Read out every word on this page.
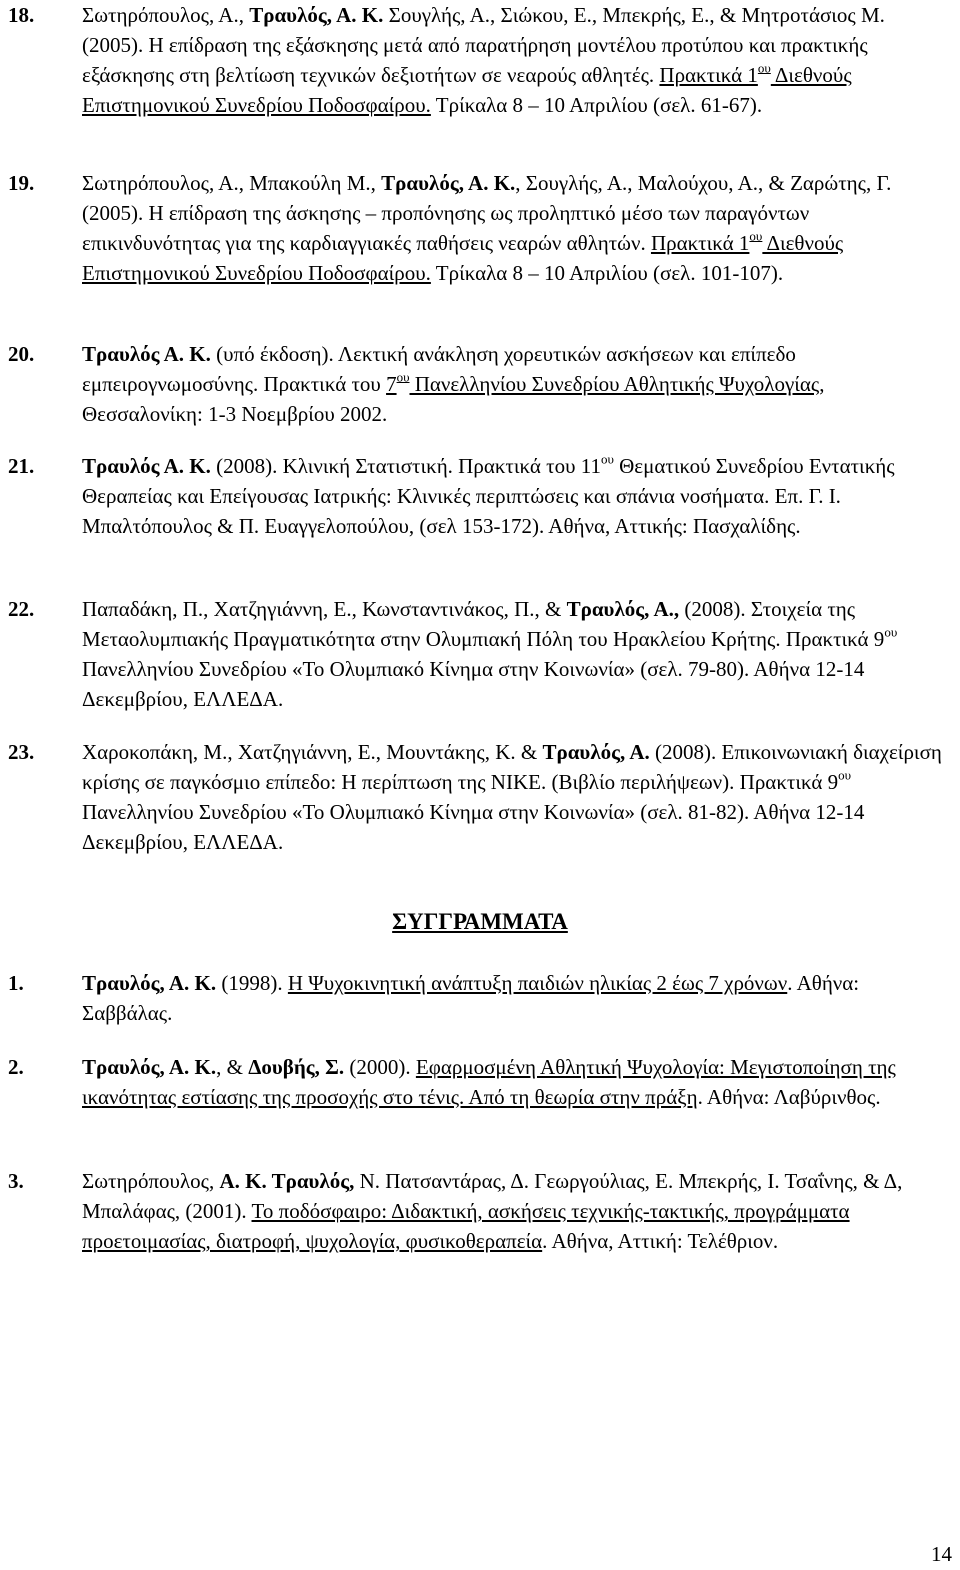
18. Σωτηρόπουλος, Α., Τραυλός, Α. Κ. Σουγλής, Α., Σιώκου, Ε., Μπεκρής, Ε., & Μητροτάσιος Μ. (2005). Η επίδραση της εξάσκησης μετά από παρατήρηση μοντέλου προτύπου και πρακτικής εξάσκησης στη βελτίωση τεχνικών δεξιοτήτων σε νεαρούς αθλητές. Πρακτικά $1^{o\upsilon}$ Διεθνούς Επιστημονικού Συνεδρίου Ποδοσφαίρου. Τρίκαλα 8 – 10 Απριλίου (σελ. 61-67).
19. Σωτηρόπουλος, Α., Μπακούλη Μ., Τραυλός, Α. Κ., Σουγλής, Α., Μαλούχου, Α., & Ζαρώτης, Γ. (2005). Η επίδραση της άσκησης – προπόνησης ως προληπτικό μέσο των παραγόντων επικινδυνότητας για της καρδιαγγιακές παθήσεις νεαρών αθλητών. Πρακτικά $1^{o\upsilon}$ Διεθνούς Επιστημονικού Συνεδρίου Ποδοσφαίρου. Τρίκαλα 8 – 10 Απριλίου (σελ. 101-107).
20. Τραυλός Α. Κ. (υπό έκδοση). Λεκτική ανάκληση χορευτικών ασκήσεων και επίπεδο εμπειρογνωμοσύνης. Πρακτικά του $7^{o\upsilon}$ Πανελληνίου Συνεδρίου Αθλητικής Ψυχολογίας, Θεσσαλονίκη: 1-3 Νοεμβρίου 2002.
21. Τραυλός Α. Κ. (2008). Κλινική Στατιστική. Πρακτικά του $11^{o\upsilon}$ Θεματικού Συνεδρίου Εντατικής Θεραπείας και Επείγουσας Ιατρικής: Κλινικές περιπτώσεις και σπάνια νοσήματα. Επ. Γ. Ι. Μπαλτόπουλος & Π. Ευαγγελοπούλου, (σελ 153-172). Αθήνα, Αττικής: Πασχαλίδης.
22. Παπαδάκη, Π., Χατζηγιάννη, Ε., Κωνσταντινάκος, Π., & Τραυλός, Α., (2008). Στοιχεία της Μεταολυμπιακής Πραγματικότητα στην Ολυμπιακή Πόλη του Ηρακλείου Κρήτης. Πρακτικά $9^{o\upsilon}$ Πανελληνίου Συνεδρίου «Το Ολυμπιακό Κίνημα στην Κοινωνία» (σελ. 79-80). Αθήνα 12-14 Δεκεμβρίου, ΕΛΛΕΔΑ.
23. Χαροκοπάκη, Μ., Χατζηγιάννη, Ε., Μουντάκης, Κ. & Τραυλός, Α. (2008). Επικοινωνιακή διαχείριση κρίσης σε παγκόσμιο επίπεδο: Η περίπτωση της NIKE. (Βιβλίο περιλήψεων). Πρακτικά $9^{o\upsilon}$ Πανελληνίου Συνεδρίου «Το Ολυμπιακό Κίνημα στην Κοινωνία» (σελ. 81-82). Αθήνα 12-14 Δεκεμβρίου, ΕΛΛΕΔΑ.
ΣΥΓΓΡΑΜΜΑΤΑ
1.	Τραυλός, Α. Κ. (1998). Η Ψυχοκινητική ανάπτυξη παιδιών ηλικίας 2 έως 7 χρόνων. Αθήνα: Σαββάλας.
2.	Τραυλός, Α. Κ., & Δουβής, Σ. (2000). Εφαρμοσμένη Αθλητική Ψυχολογία: Μεγιστοποίηση της ικανότητας εστίασης της προσοχής στο τένις. Από τη θεωρία στην πράξη. Αθήνα: Λαβύρινθος.
3.	Σωτηρόπουλος, Α. Κ. Τραυλός, Ν. Πατσαντάρας, Δ. Γεωργούλιας, Ε. Μπεκρής, Ι. Τσαΐνης, & Δ, Μπαλάφας, (2001). Το ποδόσφαιρο: Διδακτική, ασκήσεις τεχνικής-τακτικής, προγράμματα προετοιμασίας, διατροφή, ψυχολογία, φυσικοθεραπεία. Αθήνα, Αττική: Τελέθριον.
14
